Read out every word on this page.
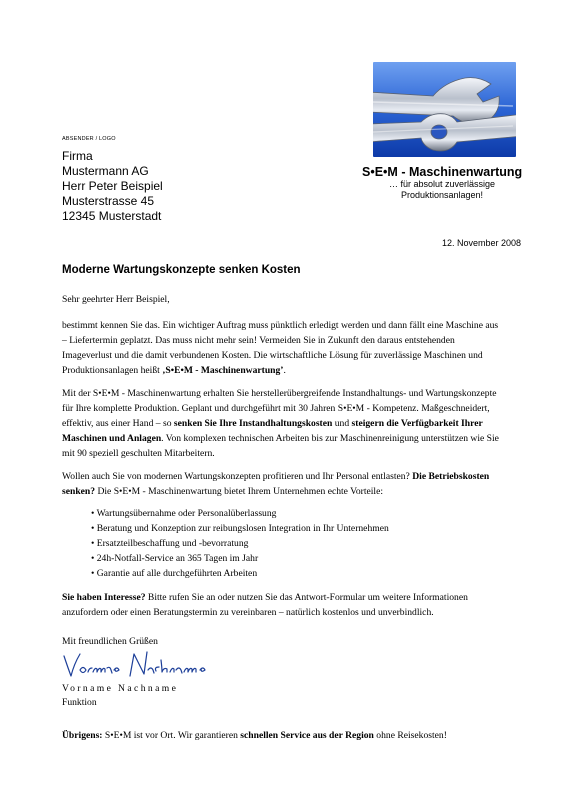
ABSENDER / LOGO
Firma
Mustermann AG
Herr Peter Beispiel
Musterstrasse 45
12345 Musterstadt
S•E•M - Maschinenwartung
… für absolut zuverlässige
Produktionsanlagen!
12. November 2008
Moderne Wartungskonzepte senken Kosten
Sehr geehrter Herr Beispiel,

bestimmt kennen Sie das. Ein wichtiger Auftrag muss pünktlich erledigt werden und dann fällt eine Maschine aus – Liefertermin geplatzt. Das muss nicht mehr sein! Vermeiden Sie in Zukunft den daraus entstehenden Imageverlust und die damit verbundenen Kosten. Die wirtschaftliche Lösung für zuverlässige Maschinen und Produktionsanlagen heißt ‚S•E•M - Maschinenwartung’.

Mit der S•E•M - Maschinenwartung erhalten Sie herstellerübergreifende Instandhaltungs- und Wartungskonzepte für Ihre komplette Produktion. Geplant und durchgeführt mit 30 Jahren S•E•M - Kompetenz. Maßgeschneidert, effektiv, aus einer Hand – so senken Sie Ihre Instandhaltungskosten und steigern die Verfügbarkeit Ihrer Maschinen und Anlagen. Von komplexen technischen Arbeiten bis zur Maschinenreinigung unterstützen wie Sie mit 90 speziell geschulten Mitarbeitern.

Wollen auch Sie von modernen Wartungskonzepten profitieren und Ihr Personal entlasten? Die Betriebskosten senken? Die S•E•M - Maschinenwartung bietet Ihrem Unternehmen echte Vorteile:

• Wartungsübernahme oder Personalüberlassung
• Beratung und Konzeption zur reibungslosen Integration in Ihr Unternehmen
• Ersatzteilbeschaffung und -bevorratung
• 24h-Notfall-Service an 365 Tagen im Jahr
• Garantie auf alle durchgeführten Arbeiten

Sie haben Interesse? Bitte rufen Sie an oder nutzen Sie das Antwort-Formular um weitere Informationen anzufordern oder einen Beratungstermin zu vereinbaren – natürlich kostenlos und unverbindlich.

Mit freundlichen Grüßen
Vorname Nachname
Funktion

Übrigens: S•E•M ist vor Ort. Wir garantieren schnellen Service aus der Region ohne Reisekosten!
